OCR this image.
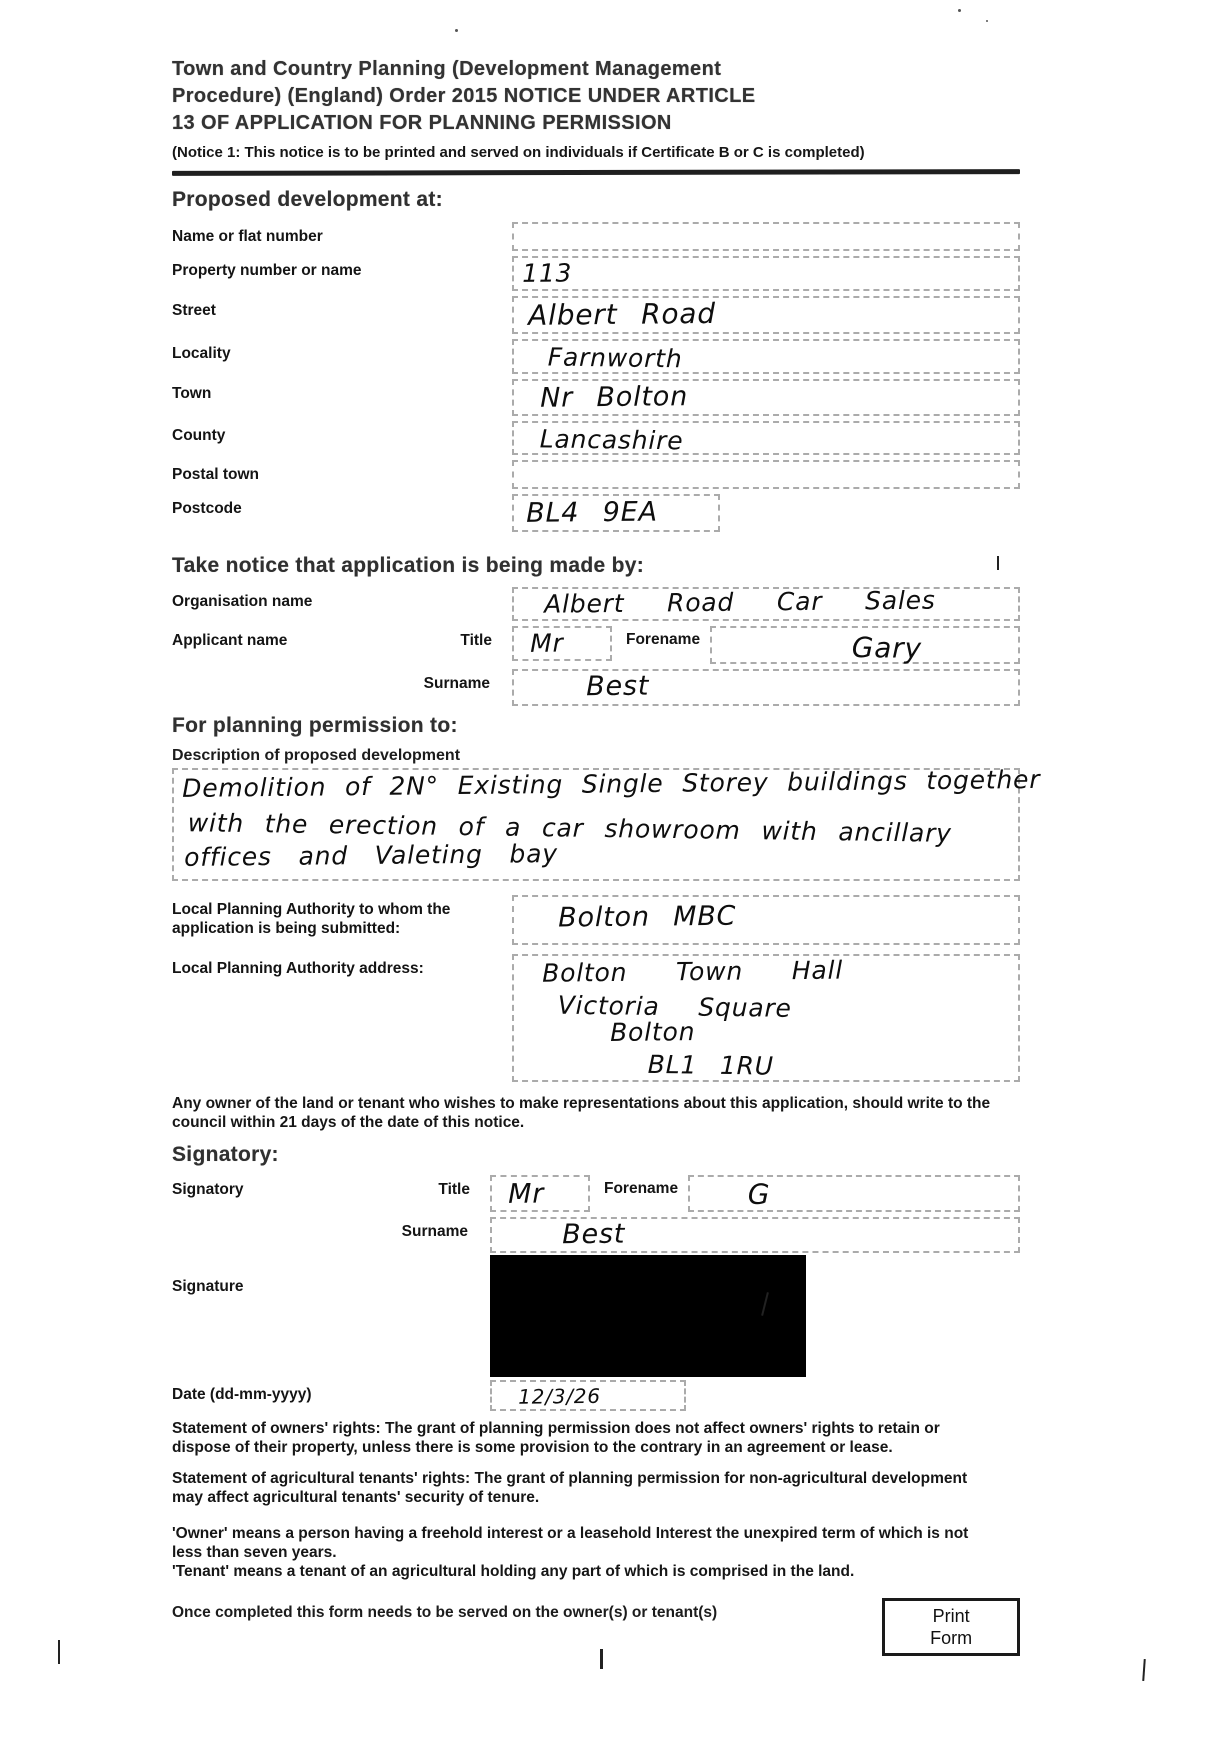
Town and Country Planning (Development Management
Procedure) (England) Order 2015 NOTICE UNDER ARTICLE
13 OF APPLICATION FOR PLANNING PERMISSION
(Notice 1: This notice is to be printed and served on individuals if Certificate B or C is completed)
Proposed development at:
Name or flat number
Property number or name	113
Street	Albert Road
Locality	Farnworth
Town	Nr Bolton
County	Lancashire
Postal town
Postcode	BL4 9EA
Take notice that application is being made by:
Organisation name	Albert Road Car Sales
Applicant name	Title	Mr	Forename	Gary
Surname	Best
For planning permission to:
Description of proposed development
Demolition of 2N° Existing Single Storey buildings together
with the erection of a car showroom with ancillary
offices and Valeting bay
Local Planning Authority to whom the application is being submitted:	Bolton MBC
Local Planning Authority address:	Bolton Town Hall
Victoria Square
Bolton
BL1 1RU

Any owner of the land or tenant who wishes to make representations about this application, should write to the council within 21 days of the date of this notice.

Signatory:
Signatory	Title	Mr	Forename	G
Surname	Best
Signature
Date (dd-mm-yyyy)	12/3/26

Statement of owners' rights: The grant of planning permission does not affect owners' rights to retain or dispose of their property, unless there is some provision to the contrary in an agreement or lease.

Statement of agricultural tenants' rights: The grant of planning permission for non-agricultural development may affect agricultural tenants' security of tenure.

'Owner' means a person having a freehold interest or a leasehold Interest the unexpired term of which is not less than seven years.

'Tenant' means a tenant of an agricultural holding any part of which is comprised in the land.

Once completed this form needs to be served on the owner(s) or tenant(s)	Print Form
